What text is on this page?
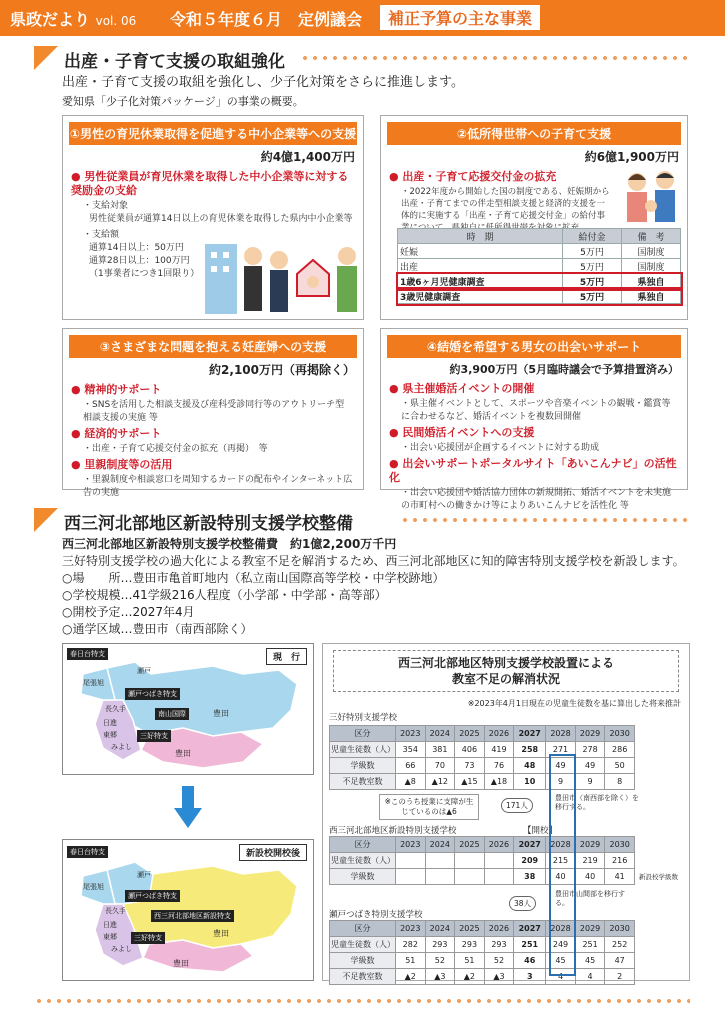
県政だより vol. 06 令和５年度６月　定例議会	補正予算の主な事業
出産・子育て支援の取組強化
出産・子育て支援の取組を強化し、少子化対策をさらに推進します。
愛知県「少子化対策パッケージ」の事業の概要。
①男性の育児休業取得を促進する中小企業等への支援
約4億1,400万円
● 男性従業員が育児休業を取得した中小企業等に対する奨励金の支給
・支給対象
男性従業員が通算14日以上の育児休業を取得した県内中小企業等
・支給額
通算14日以上：50万円
通算28日以上：100万円
（1事業者につき1回限り）
②低所得世帯への子育て支援
約6億1,900万円
● 出産・子育て応援交付金の拡充
・2022年度から開始した国の制度である、妊娠期から出産・子育てまでの伴走型相談支援と経済的支援を一体的に実施する「出産・子育て応援交付金」の給付事
時　期	給付金	備　考
妊娠	5万円	国制度
出産	5万円	国制度
1歳6ヶ月児健康調査	5万円	県独自
3歳児健康調査	5万円	県独自
③さまざまな問題を抱える妊産婦への支援
約2,100万円（再掲除く）
● 精神的サポート
・SNSを活用した相談支援及び産科受診同行等のアウトリーチ型相談支援の実施 等
● 経済的サポート
・出産・子育て応援交付金の拡充（再掲）　等
● 里親制度等の活用
・里親制度や相談窓口を周知するカードの配布やインターネット広告の実施
④結婚を希望する男女の出会いサポート
約3,900万円（5月臨時議会で予算措置済み）
● 県主催婚活イベントの開催
・県主催イベントとして、スポーツや音楽イベントの観戦・鑑賞等に合わせるなど、婚活イベントを複数回開催
● 民間婚活イベントへの支援
・出会い応援団が企画するイベントに対する助成
● 出会いサポートポータルサイト「あいこんナビ」の活性化
・出会い応援団や婚活協力団体の新規開拓、婚活イベントを未実施の市町村への働きかけ等によりあいこんナビを活性化 等
西三河北部地区新設特別支援学校整備
西三河北部地区新設特別支援学校整備費　約1億2,200万千円
三好特別支援学校の過大化による教室不足を解消するため、西三河北部地区に知的障害特別支援学校を新設します。
○場　　所…豊田市亀首町地内（私立南山国際高等学校・中学校跡地）
○学校規模…41学級216人程度（小学部・中学部・高等部）
○開校予定…2027年4月
○通学区域…豊田市（南西部除く）
現　行
春日台特支
瀬戸
尾張旭
瀬戸つばき特支
長久手
日進
東郷
みよし
南山国際
三好特支
豊田
豊田
新設校開校後
春日台特支
瀬戸
尾張旭
瀬戸つばき特支
長久手
日進
東郷
みよし
西三河北部地区新設特支
三好特支	豊田
豊田
西三河北部地区特別支援学校設置による
教室不足の解消状況
※2023年4月1日現在の児童生徒数を基に算出した将来推計
三好特別支援学校
区分	2023	2024	2025	2026	2027	2028	2029	2030
児童生徒数（人）	354	381	406	419	258	271	278	286
学級数	66	70	73	76	48	49	49	50
不足教室数	▲8	▲12	▲15	▲18	10	9	9	8
※このうち授業に支障が生じているのは▲6
171人
豊田市（南西部を除く）を移行する。
西三河北部地区新設特別支援学校	【開校】
区分	2023	2024	2025	2026	2027	2028	2029	2030
児童生徒数（人）					209	215	219	216
学級数					38	40	40	41 新設校学級数
38人
豊田市山間部を移行する。
瀬戸つばき特別支援学校
区分	2023	2024	2025	2026	2027	2028	2029	2030
児童生徒数（人）	282	293	293	293	251	249	251	252
学級数	51	52	51	52	46	45	45	47
不足教室数	▲2	▲3	▲2	▲3	3	4	4	2
